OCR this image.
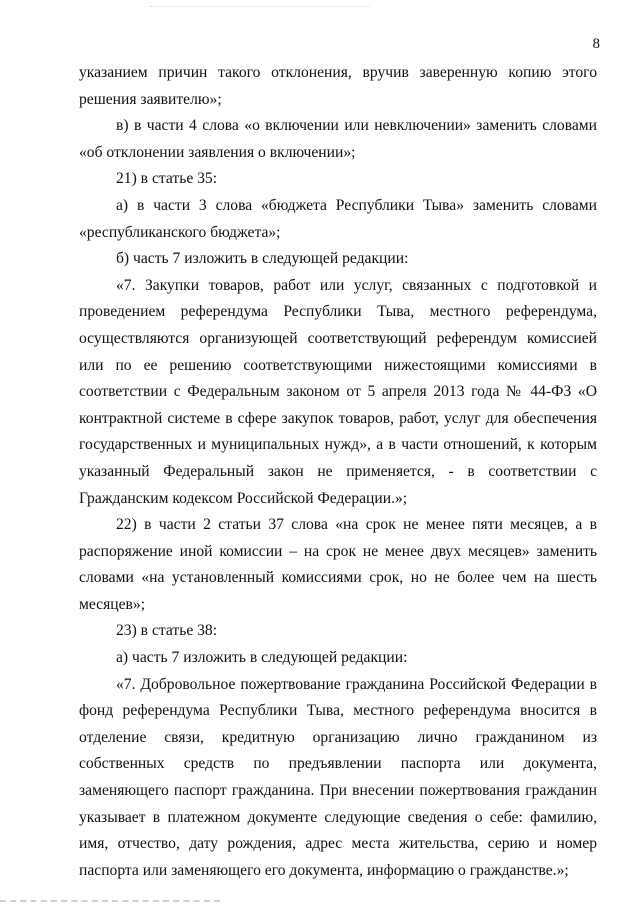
8

указанием причин такого отклонения, вручив заверенную копию этого решения заявителю»;

в) в части 4 слова «о включении или невключении» заменить словами «об отклонении заявления о включении»;

21) в статье 35:

а) в части 3 слова «бюджета Республики Тыва» заменить словами «республиканского бюджета»;

б) часть 7 изложить в следующей редакции:

«7. Закупки товаров, работ или услуг, связанных с подготовкой и проведением референдума Республики Тыва, местного референдума, осуществляются организующей соответствующий референдум комиссией или по ее решению соответствующими нижестоящими комиссиями в соответствии с Федеральным законом от 5 апреля 2013 года № 44-ФЗ «О контрактной системе в сфере закупок товаров, работ, услуг для обеспечения государственных и муниципальных нужд», а в части отношений, к которым указанный Федеральный закон не применяется, - в соответствии с Гражданским кодексом Российской Федерации.»;

22) в части 2 статьи 37 слова «на срок не менее пяти месяцев, а в распоряжение иной комиссии – на срок не менее двух месяцев» заменить словами «на установленный комиссиями срок, но не более чем на шесть месяцев»;

23) в статье 38:

а) часть 7 изложить в следующей редакции:

«7. Добровольное пожертвование гражданина Российской Федерации в фонд референдума Республики Тыва, местного референдума вносится в отделение связи, кредитную организацию лично гражданином из собственных средств по предъявлении паспорта или документа, заменяющего паспорт гражданина. При внесении пожертвования гражданин указывает в платежном документе следующие сведения о себе: фамилию, имя, отчество, дату рождения, адрес места жительства, серию и номер паспорта или заменяющего его документа, информацию о гражданстве.»;
